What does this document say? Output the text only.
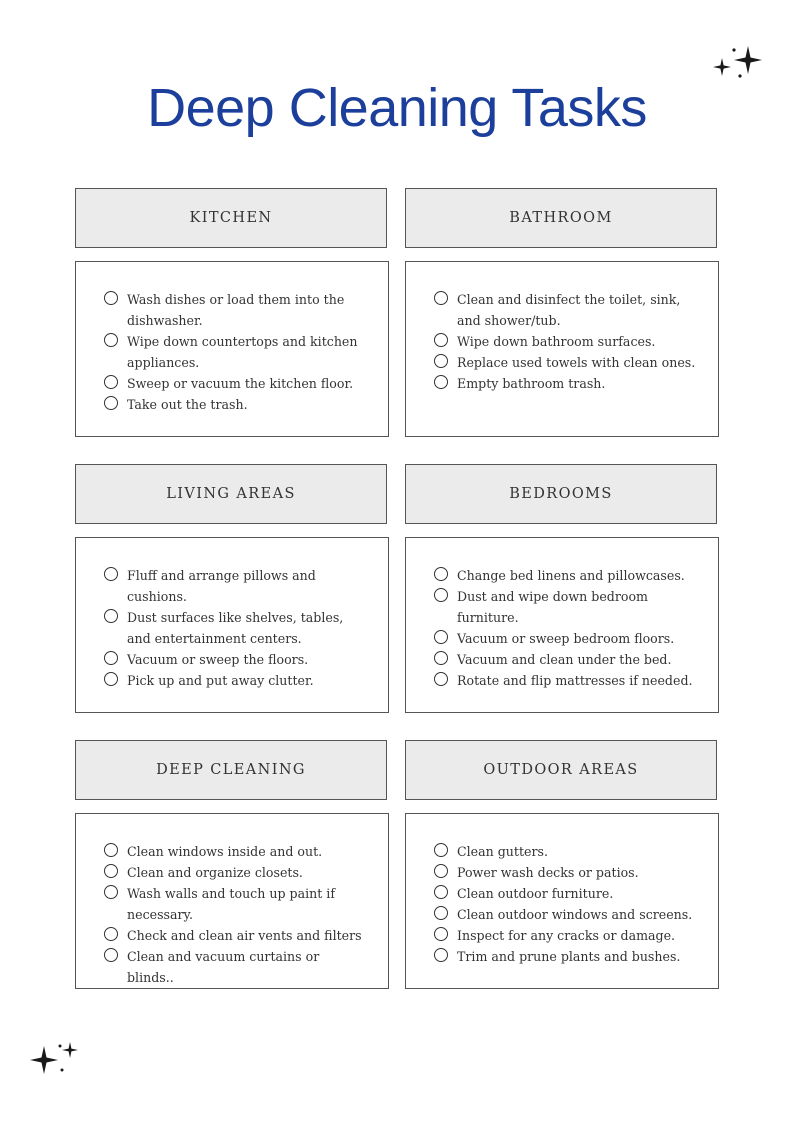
Deep Cleaning Tasks
KITCHEN
Wash dishes or load them into the dishwasher.
Wipe down countertops and kitchen appliances.
Sweep or vacuum the kitchen floor.
Take out the trash.
BATHROOM
Clean and disinfect the toilet, sink, and shower/tub.
Wipe down bathroom surfaces.
Replace used towels with clean ones.
Empty bathroom trash.
LIVING AREAS
Fluff and arrange pillows and cushions.
Dust surfaces like shelves, tables, and entertainment centers.
Vacuum or sweep the floors.
Pick up and put away clutter.
BEDROOMS
Change bed linens and pillowcases.
Dust and wipe down bedroom furniture.
Vacuum or sweep bedroom floors.
Vacuum and clean under the bed.
Rotate and flip mattresses if needed.
DEEP CLEANING
Clean windows inside and out.
Clean and organize closets.
Wash walls and touch up paint if necessary.
Check and clean air vents and filters
Clean and vacuum curtains or blinds..
OUTDOOR AREAS
Clean gutters.
Power wash decks or patios.
Clean outdoor furniture.
Clean outdoor windows and screens.
Inspect for any cracks or damage.
Trim and prune plants and bushes.
